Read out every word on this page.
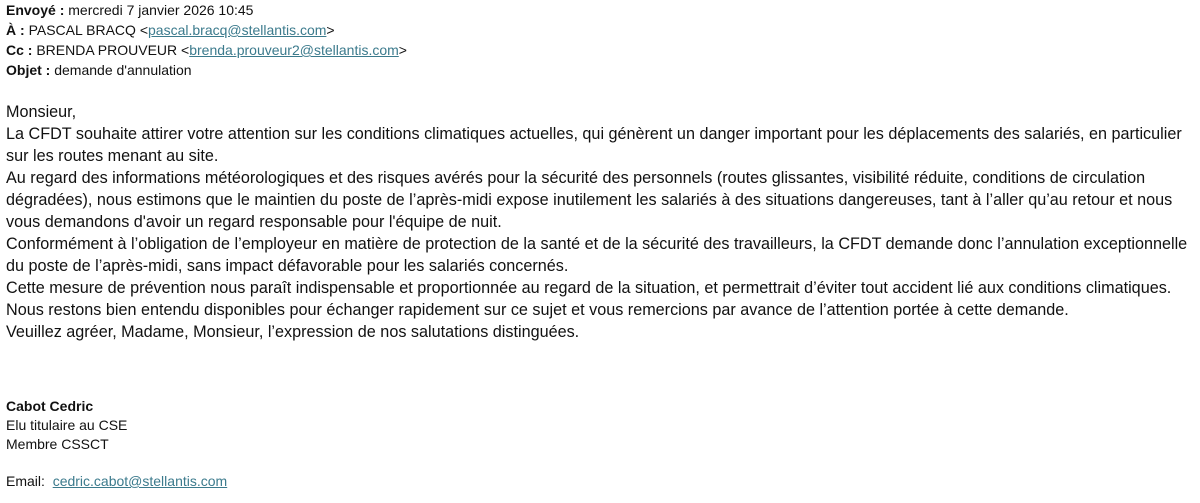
Envoyé : mercredi 7 janvier 2026 10:45
À : PASCAL BRACQ <pascal.bracq@stellantis.com>
Cc : BRENDA PROUVEUR <brenda.prouveur2@stellantis.com>
Objet : demande d'annulation
Monsieur,
La CFDT souhaite attirer votre attention sur les conditions climatiques actuelles, qui génèrent un danger important pour les déplacements des salariés, en particulier
sur les routes menant au site.
Au regard des informations météorologiques et des risques avérés pour la sécurité des personnels (routes glissantes, visibilité réduite, conditions de circulation
dégradées), nous estimons que le maintien du poste de l’après-midi expose inutilement les salariés à des situations dangereuses, tant à l’aller qu’au retour et nous
vous demandons d'avoir un regard responsable pour l'équipe de nuit.
Conformément à l’obligation de l’employeur en matière de protection de la santé et de la sécurité des travailleurs, la CFDT demande donc l’annulation exceptionnelle
du poste de l’après-midi, sans impact défavorable pour les salariés concernés.
Cette mesure de prévention nous paraît indispensable et proportionnée au regard de la situation, et permettrait d’éviter tout accident lié aux conditions climatiques.
Nous restons bien entendu disponibles pour échanger rapidement sur ce sujet et vous remercions par avance de l’attention portée à cette demande.
Veuillez agréer, Madame, Monsieur, l’expression de nos salutations distinguées.
Cabot Cedric
Elu titulaire au CSE
Membre CSSCT
Email: cedric.cabot@stellantis.com
